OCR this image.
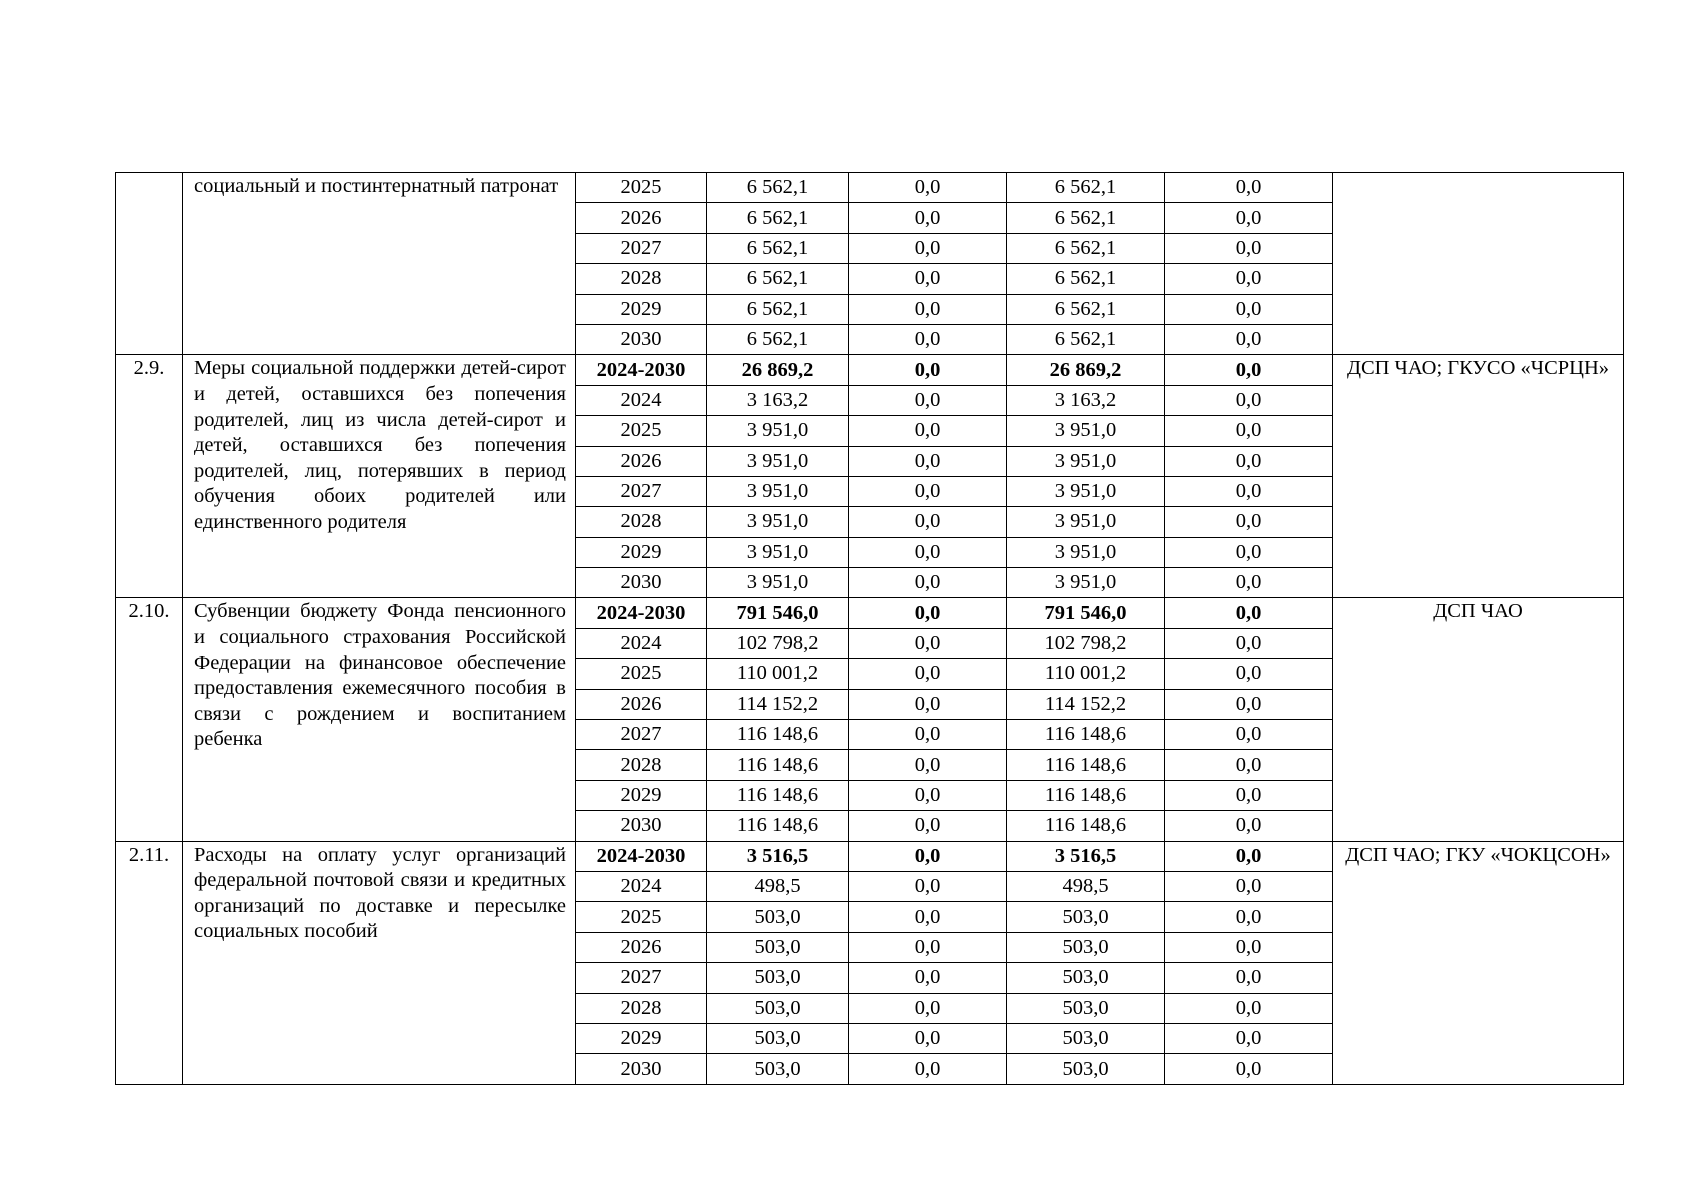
	социальный и постинтернатный патронат	2025	6 562,1	0,0	6 562,1	0,0	
		2026	6 562,1	0,0	6 562,1	0,0	
		2027	6 562,1	0,0	6 562,1	0,0	
		2028	6 562,1	0,0	6 562,1	0,0	
		2029	6 562,1	0,0	6 562,1	0,0	
		2030	6 562,1	0,0	6 562,1	0,0	
2.9.	Меры социальной поддержки детей-сирот и детей, оставшихся без попечения родителей, лиц из числа детей-сирот и детей, оставшихся без попечения родителей, лиц, потерявших в период обучения обоих родителей или единственного родителя	2024-2030	26 869,2	0,0	26 869,2	0,0	ДСП ЧАО; ГКУСО «ЧСРЦН»
		2024	3 163,2	0,0	3 163,2	0,0	
		2025	3 951,0	0,0	3 951,0	0,0	
		2026	3 951,0	0,0	3 951,0	0,0	
		2027	3 951,0	0,0	3 951,0	0,0	
		2028	3 951,0	0,0	3 951,0	0,0	
		2029	3 951,0	0,0	3 951,0	0,0	
		2030	3 951,0	0,0	3 951,0	0,0	
2.10.	Субвенции бюджету Фонда пенсионного и социального страхования Российской Федерации на финансовое обеспечение предоставления ежемесячного пособия в связи с рождением и воспитанием ребенка	2024-2030	791 546,0	0,0	791 546,0	0,0	ДСП ЧАО
		2024	102 798,2	0,0	102 798,2	0,0	
		2025	110 001,2	0,0	110 001,2	0,0	
		2026	114 152,2	0,0	114 152,2	0,0	
		2027	116 148,6	0,0	116 148,6	0,0	
		2028	116 148,6	0,0	116 148,6	0,0	
		2029	116 148,6	0,0	116 148,6	0,0	
		2030	116 148,6	0,0	116 148,6	0,0	
2.11.	Расходы на оплату услуг организаций федеральной почтовой связи и кредитных организаций по доставке и пересылке социальных пособий	2024-2030	3 516,5	0,0	3 516,5	0,0	ДСП ЧАО; ГКУ «ЧОКЦСОН»
		2024	498,5	0,0	498,5	0,0	
		2025	503,0	0,0	503,0	0,0	
		2026	503,0	0,0	503,0	0,0	
		2027	503,0	0,0	503,0	0,0	
		2028	503,0	0,0	503,0	0,0	
		2029	503,0	0,0	503,0	0,0	
		2030	503,0	0,0	503,0	0,0	
